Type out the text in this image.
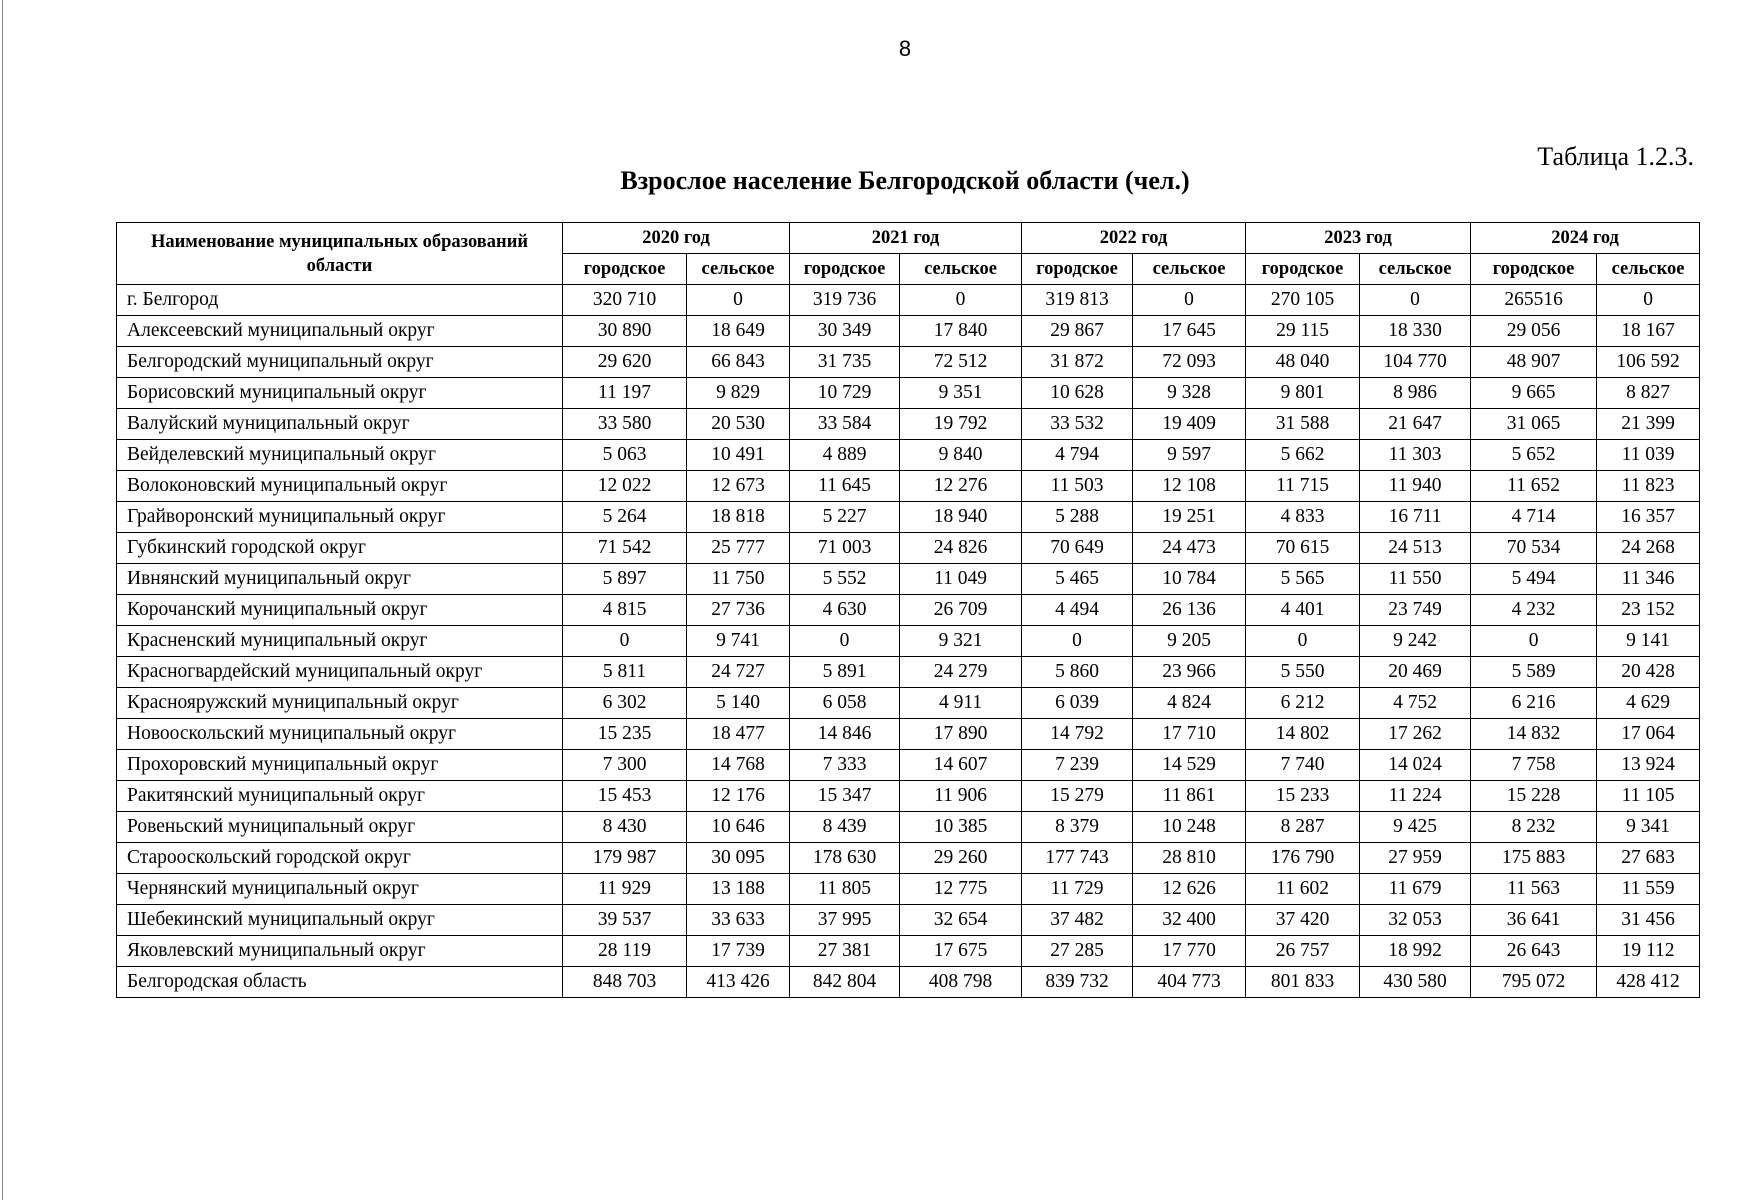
8
Таблица 1.2.3.
Взрослое население Белгородской области (чел.)
Наименование муниципальных образований области	2020 год		2021 год		2022 год		2023 год		2024 год	
	городское	сельское	городское	сельское	городское	сельское	городское	сельское	городское	сельское
г. Белгород	320 710	0	319 736	0	319 813	0	270 105	0	265516	0
Алексеевский муниципальный округ	30 890	18 649	30 349	17 840	29 867	17 645	29 115	18 330	29 056	18 167
Белгородский муниципальный округ	29 620	66 843	31 735	72 512	31 872	72 093	48 040	104 770	48 907	106 592
Борисовский муниципальный округ	11 197	9 829	10 729	9 351	10 628	9 328	9 801	8 986	9 665	8 827
Валуйский муниципальный округ	33 580	20 530	33 584	19 792	33 532	19 409	31 588	21 647	31 065	21 399
Вейделевский муниципальный округ	5 063	10 491	4 889	9 840	4 794	9 597	5 662	11 303	5 652	11 039
Волоконовский муниципальный округ	12 022	12 673	11 645	12 276	11 503	12 108	11 715	11 940	11 652	11 823
Грайворонский муниципальный округ	5 264	18 818	5 227	18 940	5 288	19 251	4 833	16 711	4 714	16 357
Губкинский городской округ	71 542	25 777	71 003	24 826	70 649	24 473	70 615	24 513	70 534	24 268
Ивнянский муниципальный округ	5 897	11 750	5 552	11 049	5 465	10 784	5 565	11 550	5 494	11 346
Корочанский муниципальный округ	4 815	27 736	4 630	26 709	4 494	26 136	4 401	23 749	4 232	23 152
Красненский муниципальный округ	0	9 741	0	9 321	0	9 205	0	9 242	0	9 141
Красногвардейский муниципальный округ	5 811	24 727	5 891	24 279	5 860	23 966	5 550	20 469	5 589	20 428
Краснояружский муниципальный округ	6 302	5 140	6 058	4 911	6 039	4 824	6 212	4 752	6 216	4 629
Новооскольский муниципальный округ	15 235	18 477	14 846	17 890	14 792	17 710	14 802	17 262	14 832	17 064
Прохоровский муниципальный округ	7 300	14 768	7 333	14 607	7 239	14 529	7 740	14 024	7 758	13 924
Ракитянский муниципальный округ	15 453	12 176	15 347	11 906	15 279	11 861	15 233	11 224	15 228	11 105
Ровеньский муниципальный округ	8 430	10 646	8 439	10 385	8 379	10 248	8 287	9 425	8 232	9 341
Старооскольский городской округ	179 987	30 095	178 630	29 260	177 743	28 810	176 790	27 959	175 883	27 683
Чернянский муниципальный округ	11 929	13 188	11 805	12 775	11 729	12 626	11 602	11 679	11 563	11 559
Шебекинский муниципальный округ	39 537	33 633	37 995	32 654	37 482	32 400	37 420	32 053	36 641	31 456
Яковлевский муниципальный округ	28 119	17 739	27 381	17 675	27 285	17 770	26 757	18 992	26 643	19 112
Белгородская область	848 703	413 426	842 804	408 798	839 732	404 773	801 833	430 580	795 072	428 412
